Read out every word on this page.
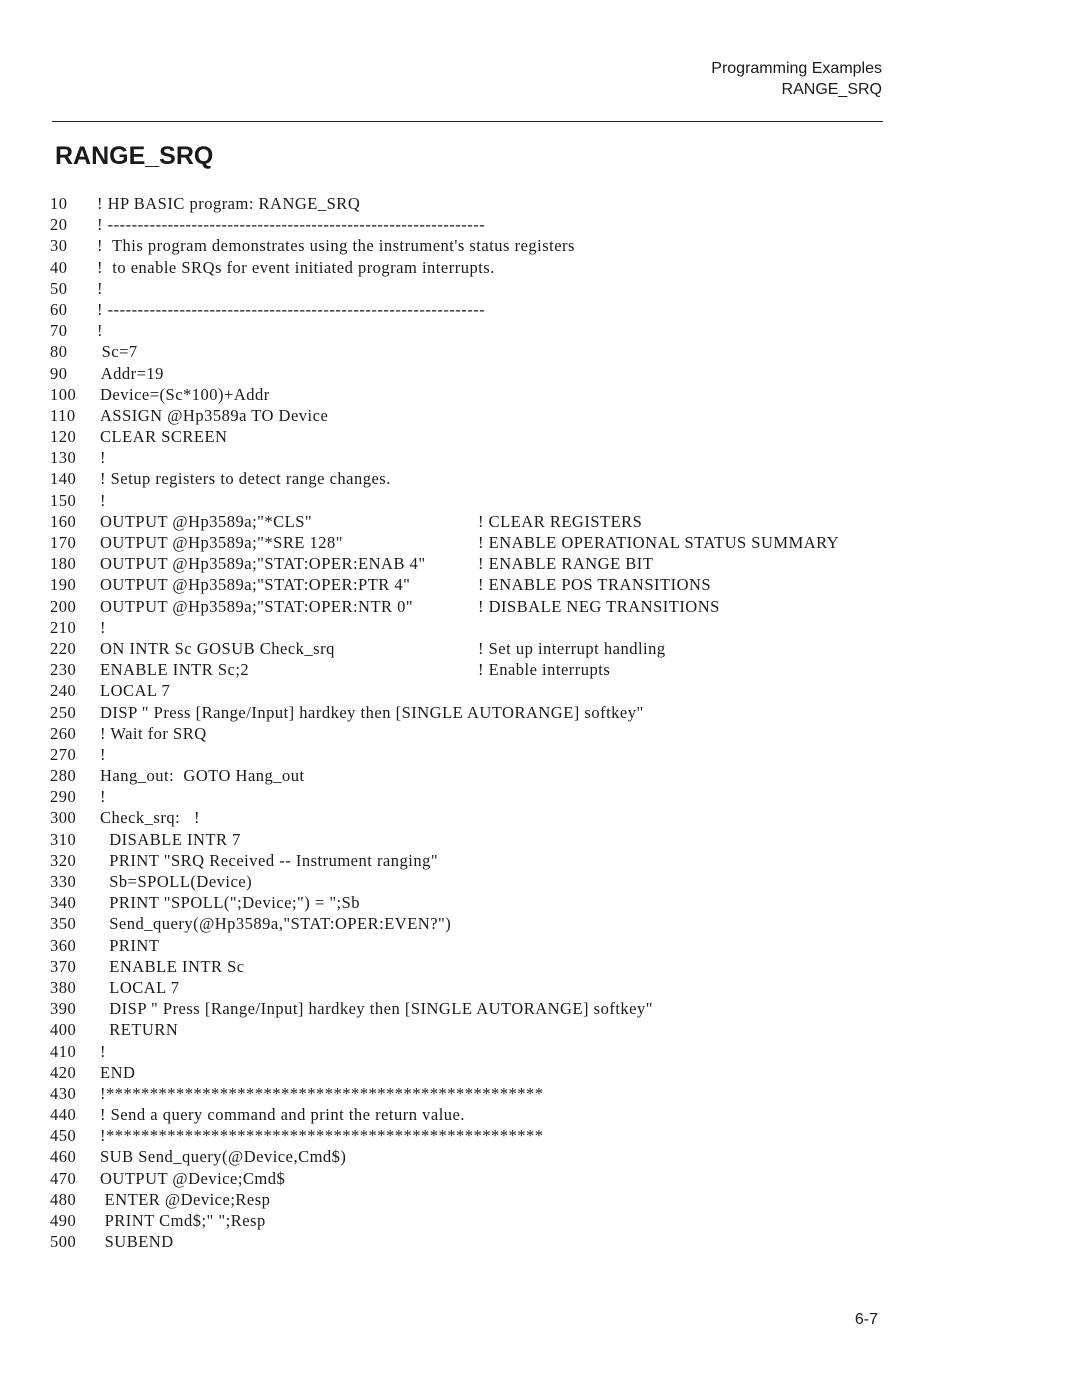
Programming Examples
RANGE_SRQ
RANGE_SRQ
10 ! HP BASIC program: RANGE_SRQ
20 ! ---------------------------------------------------------------
30 !  This program demonstrates using the instrument's status registers
40 !  to enable SRQs for event initiated program interrupts.
50 !
60 ! ---------------------------------------------------------------
70 !
80 Sc=7
90 Addr=19
100 Device=(Sc*100)+Addr
110 ASSIGN @Hp3589a TO Device
120 CLEAR SCREEN
130 !
140 ! Setup registers to detect range changes.
150 !
160 OUTPUT @Hp3589a;"*CLS"	! CLEAR REGISTERS
170 OUTPUT @Hp3589a;"*SRE 128"	! ENABLE OPERATIONAL STATUS SUMMARY
180 OUTPUT @Hp3589a;"STAT:OPER:ENAB 4"	! ENABLE RANGE BIT
190 OUTPUT @Hp3589a;"STAT:OPER:PTR 4"	! ENABLE POS TRANSITIONS
200 OUTPUT @Hp3589a;"STAT:OPER:NTR 0"	! DISBALE NEG TRANSITIONS
210 !
220 ON INTR Sc GOSUB Check_srq	! Set up interrupt handling
230 ENABLE INTR Sc;2	! Enable interrupts
240 LOCAL 7
250 DISP " Press [Range/Input] hardkey then [SINGLE AUTORANGE] softkey"
260 ! Wait for SRQ
270 !
280 Hang_out:  GOTO Hang_out
290 !
300 Check_srq:   !
310 DISABLE INTR 7
320 PRINT "SRQ Received -- Instrument ranging"
330 Sb=SPOLL(Device)
340 PRINT "SPOLL(";Device;") = ";Sb
350 Send_query(@Hp3589a,"STAT:OPER:EVEN?")
360 PRINT
370 ENABLE INTR Sc
380 LOCAL 7
390 DISP " Press [Range/Input] hardkey then [SINGLE AUTORANGE] softkey"
400 RETURN
410 !
420 END
430 !**************************************************
440 ! Send a query command and print the return value.
450 !**************************************************
460 SUB Send_query(@Device,Cmd$)
470 OUTPUT @Device;Cmd$
480 ENTER @Device;Resp
490 PRINT Cmd$;" ";Resp
500 SUBEND
6-7
